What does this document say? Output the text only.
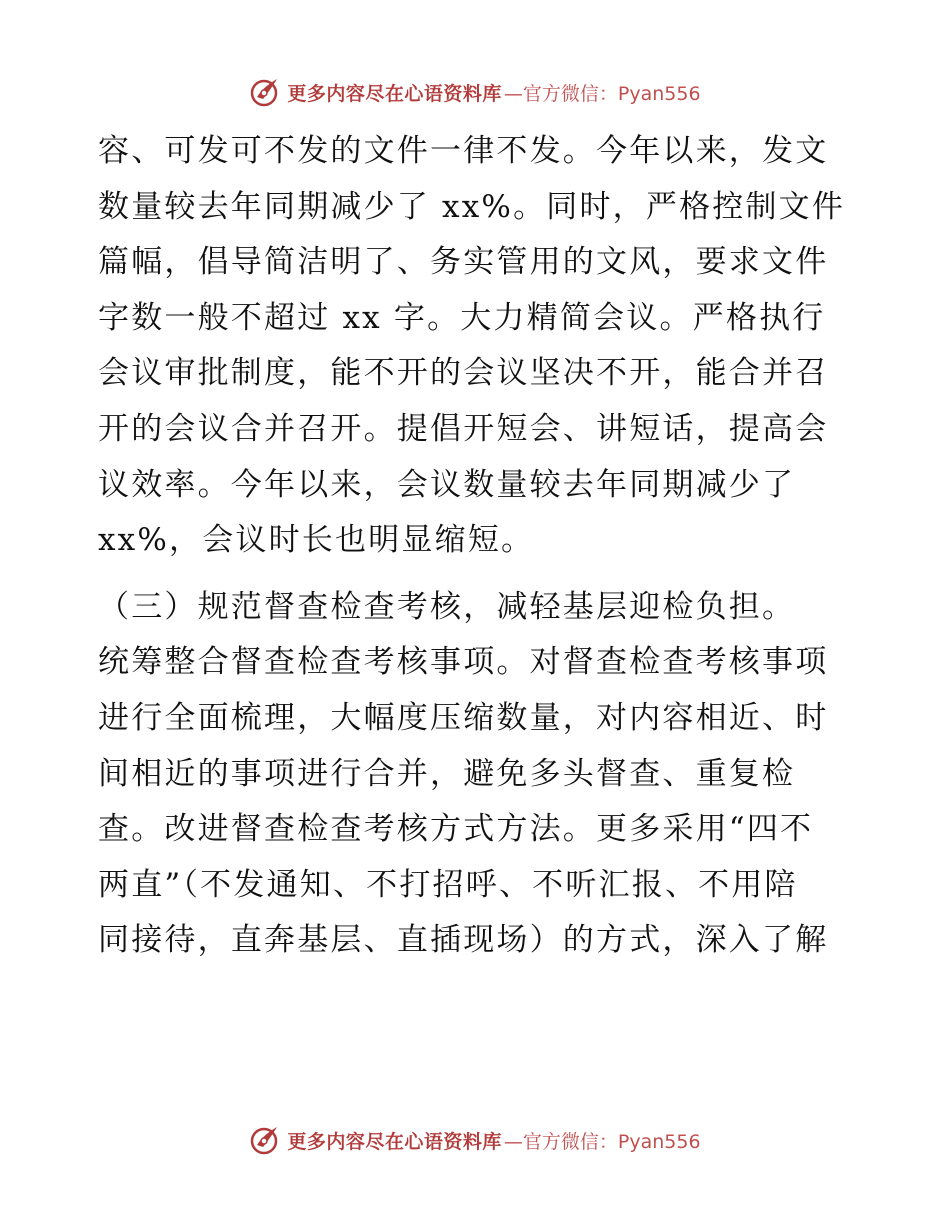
更多内容尽在心语资料库 —官方微信：Pyan556
容、可发可不发的文件一律不发。今年以来，发文
数量较去年同期减少了 xx%。同时，严格控制文件
篇幅，倡导简洁明了、务实管用的文风，要求文件
字数一般不超过 xx 字。大力精简会议。严格执行
会议审批制度，能不开的会议坚决不开，能合并召
开的会议合并召开。提倡开短会、讲短话，提高会
议效率。今年以来，会议数量较去年同期减少了
xx%，会议时长也明显缩短。
（三）规范督查检查考核，减轻基层迎检负担。
统筹整合督查检查考核事项。对督查检查考核事项
进行全面梳理，大幅度压缩数量，对内容相近、时
间相近的事项进行合并，避免多头督查、重复检
查。改进督查检查考核方式方法。更多采用“四不
两直”（不发通知、不打招呼、不听汇报、不用陪
同接待，直奔基层、直插现场）的方式，深入了解
更多内容尽在心语资料库 —官方微信：Pyan556
